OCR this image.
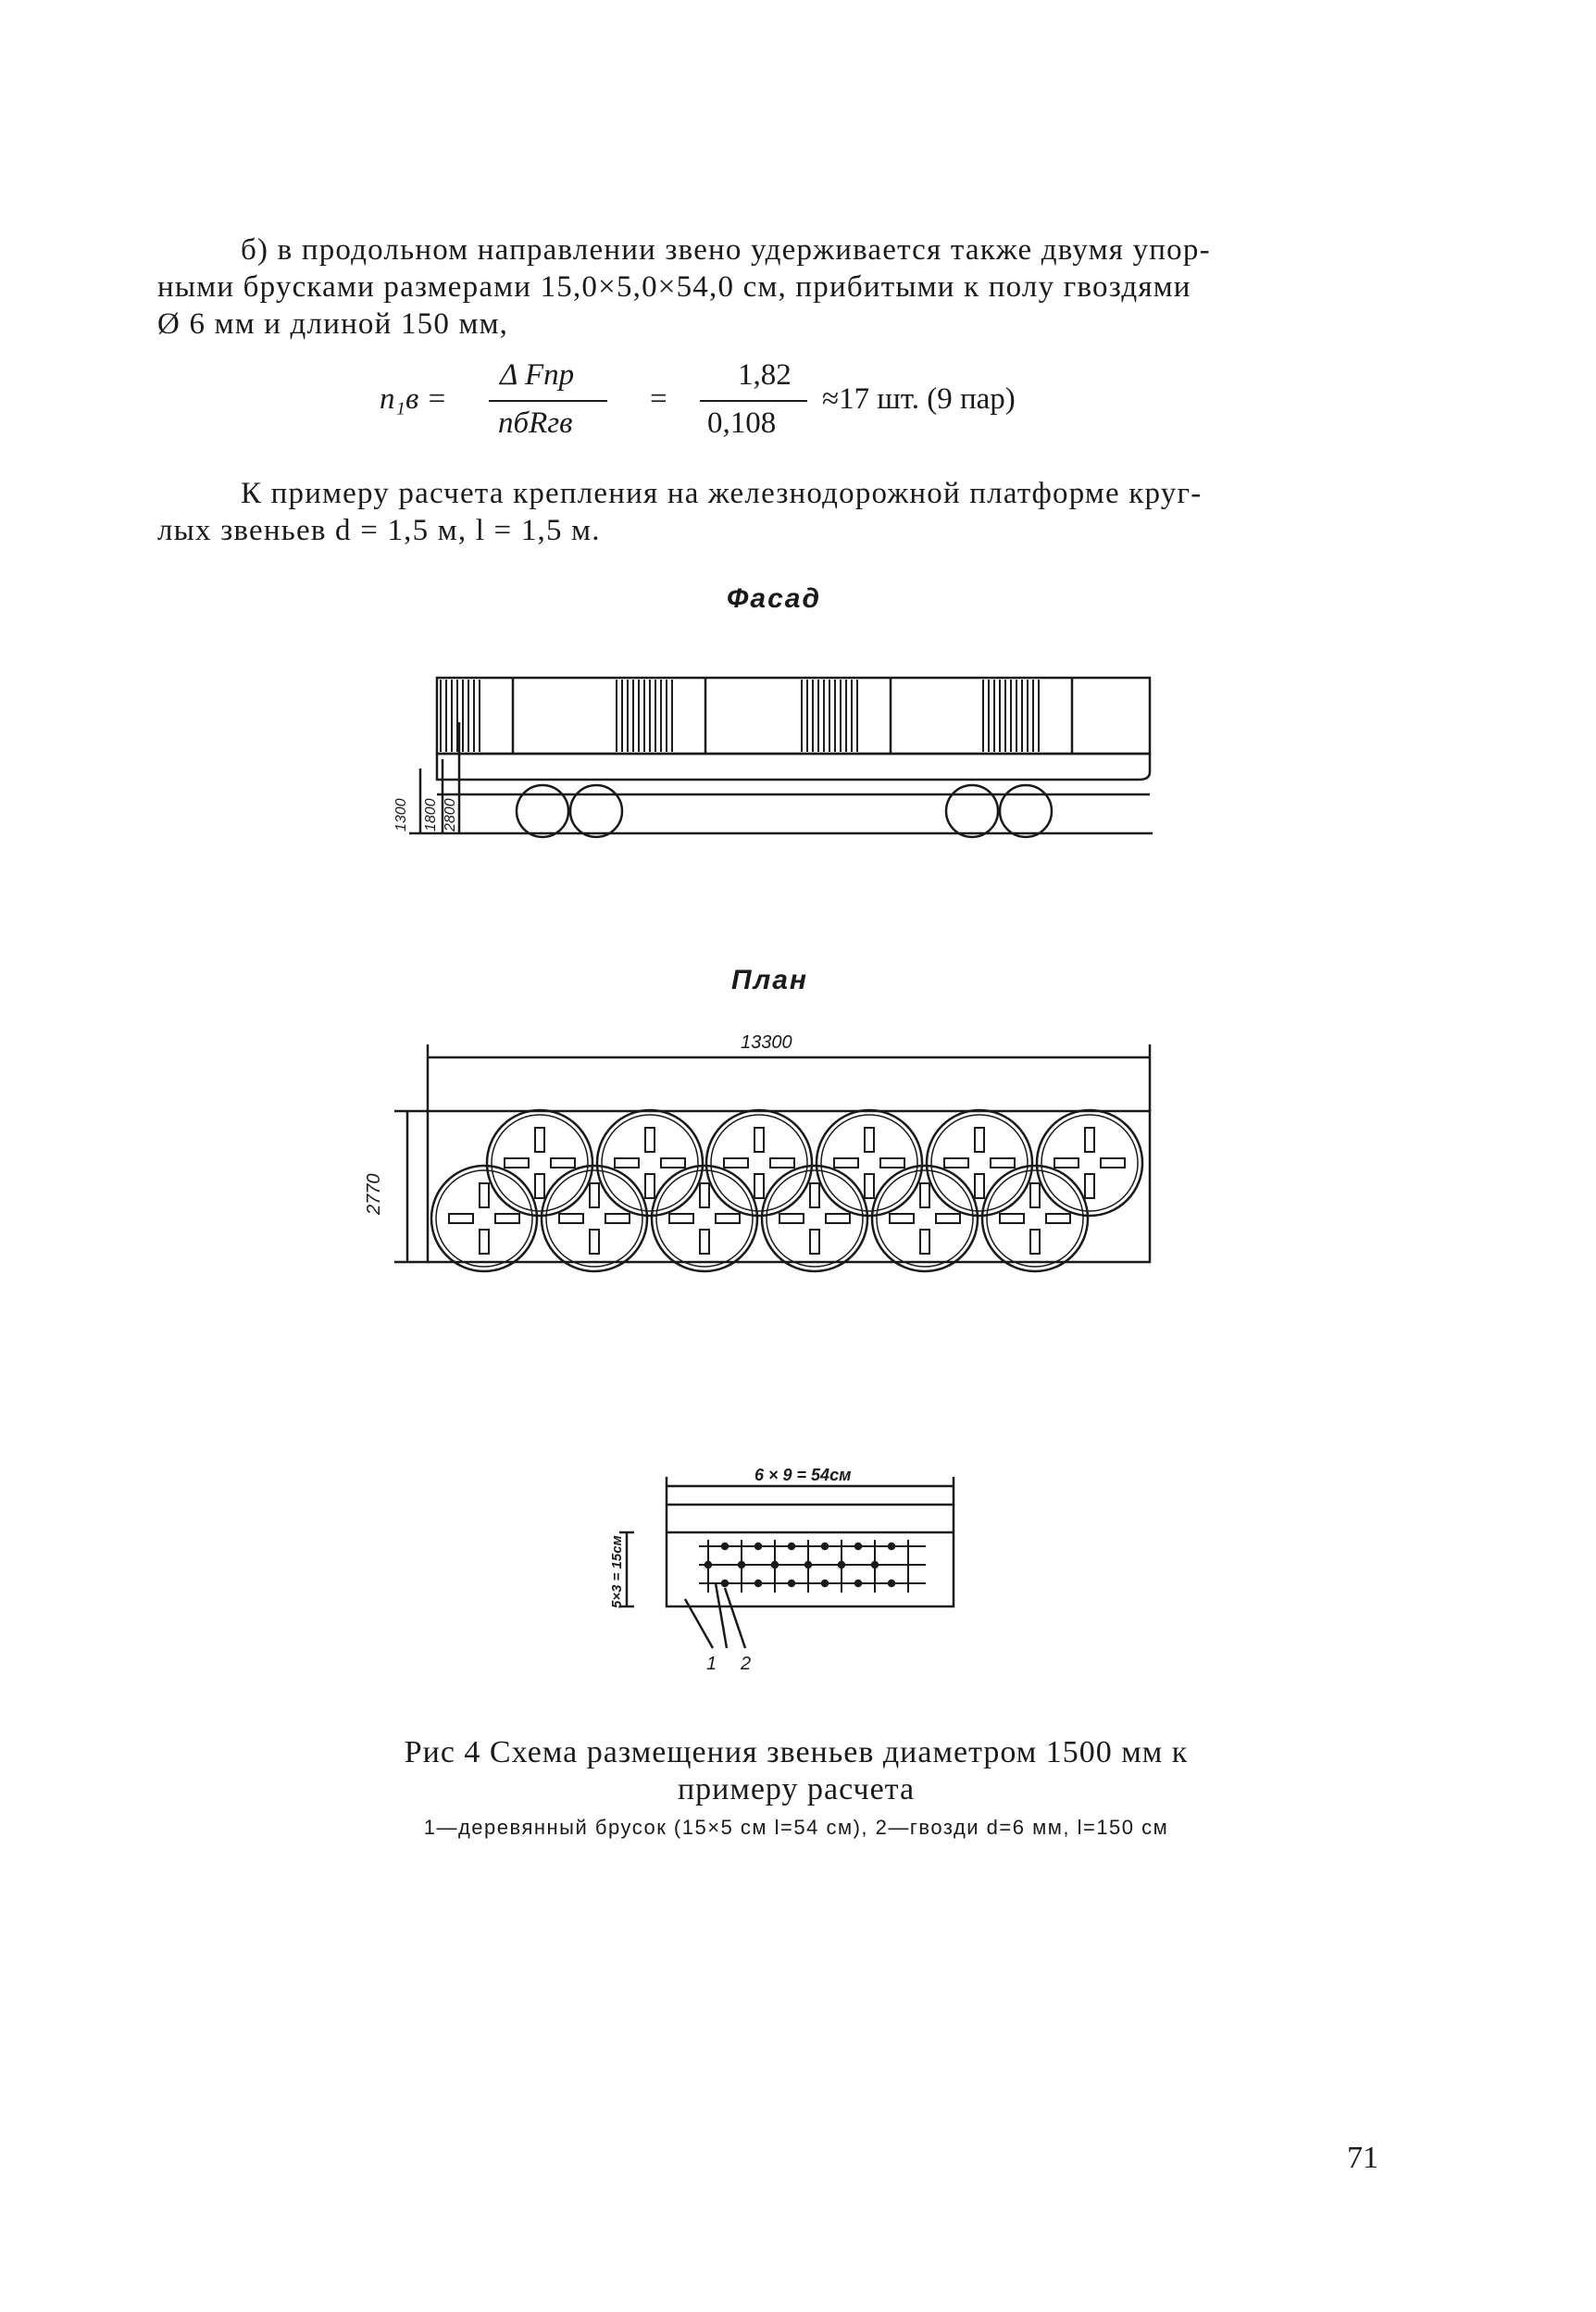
б) в продольном направлении звено удерживается также двумя упор-
ными брусками размерами 15,0×5,0×54,0 см, прибитыми к полу гвоздями
Ø 6 мм и длиной 150 мм,

n₁в =
Δ Fпр
nбRгв
=
1,82
0,108
≈17 шт. (9 пар)

К примеру расчета крепления на железнодорожной платформе круг-
лых звеньев d = 1,5 м, l = 1,5 м.

Фасад
1300 1800 2800
План
13300
2770
6 × 9 = 54см
5×3 = 15см
1 2
Рис 4 Схема размещения звеньев диаметром 1500 мм к примеру расчета
1—деревянный брусок (15×5 см l=54 см), 2—гвозди d=6 мм, l=150 см
71
